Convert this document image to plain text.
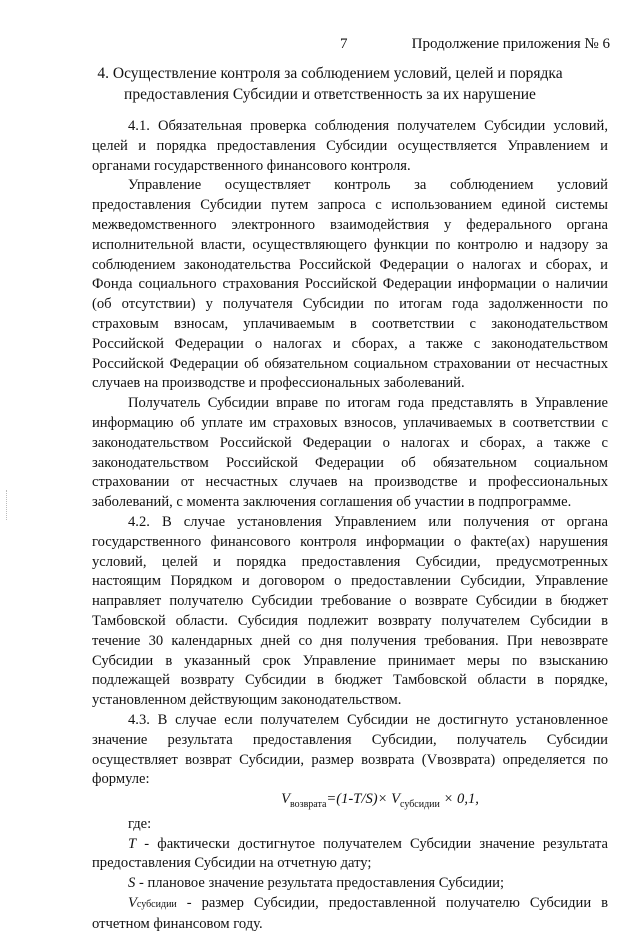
7	Продолжение приложения № 6
4. Осуществление контроля за соблюдением условий, целей и порядка предоставления Субсидии и ответственность за их нарушение

4.1. Обязательная проверка соблюдения получателем Субсидии условий, целей и порядка предоставления Субсидии осуществляется Управлением и органами государственного финансового контроля.

Управление осуществляет контроль за соблюдением условий предоставления Субсидии путем запроса с использованием единой системы межведомственного электронного взаимодействия у федерального органа исполнительной власти, осуществляющего функции по контролю и надзору за соблюдением законодательства Российской Федерации о налогах и сборах, и Фонда социального страхования Российской Федерации информации о наличии (об отсутствии) у получателя Субсидии по итогам года задолженности по страховым взносам, уплачиваемым в соответствии с законодательством Российской Федерации о налогах и сборах, а также с законодательством Российской Федерации об обязательном социальном страховании от несчастных случаев на производстве и профессиональных заболеваний.

Получатель Субсидии вправе по итогам года представлять в Управление информацию об уплате им страховых взносов, уплачиваемых в соответствии с законодательством Российской Федерации о налогах и сборах, а также с законодательством Российской Федерации об обязательном социальном страховании от несчастных случаев на производстве и профессиональных заболеваний, с момента заключения соглашения об участии в подпрограмме.

4.2. В случае установления Управлением или получения от органа государственного финансового контроля информации о факте(ах) нарушения условий, целей и порядка предоставления Субсидии, предусмотренных настоящим Порядком и договором о предоставлении Субсидии, Управление направляет получателю Субсидии требование о возврате Субсидии в бюджет Тамбовской области. Субсидия подлежит возврату получателем Субсидии в течение 30 календарных дней со дня получения требования. При невозврате Субсидии в указанный срок Управление принимает меры по взысканию подлежащей возврату Субсидии в бюджет Тамбовской области в порядке, установленном действующим законодательством.

4.3. В случае если получателем Субсидии не достигнуто установленное значение результата предоставления Субсидии, получатель Субсидии осуществляет возврат Субсидии, размер возврата (Vвозврата) определяется по формуле:

$V_{возврата}=(1-T/S)\times V_{субсидии} \times 0,1$,

где:

T - фактически достигнутое получателем Субсидии значение результата предоставления Субсидии на отчетную дату;

S - плановое значение результата предоставления Субсидии;

Vсубсидии - размер Субсидии, предоставленной получателю Субсидии в отчетном финансовом году.
